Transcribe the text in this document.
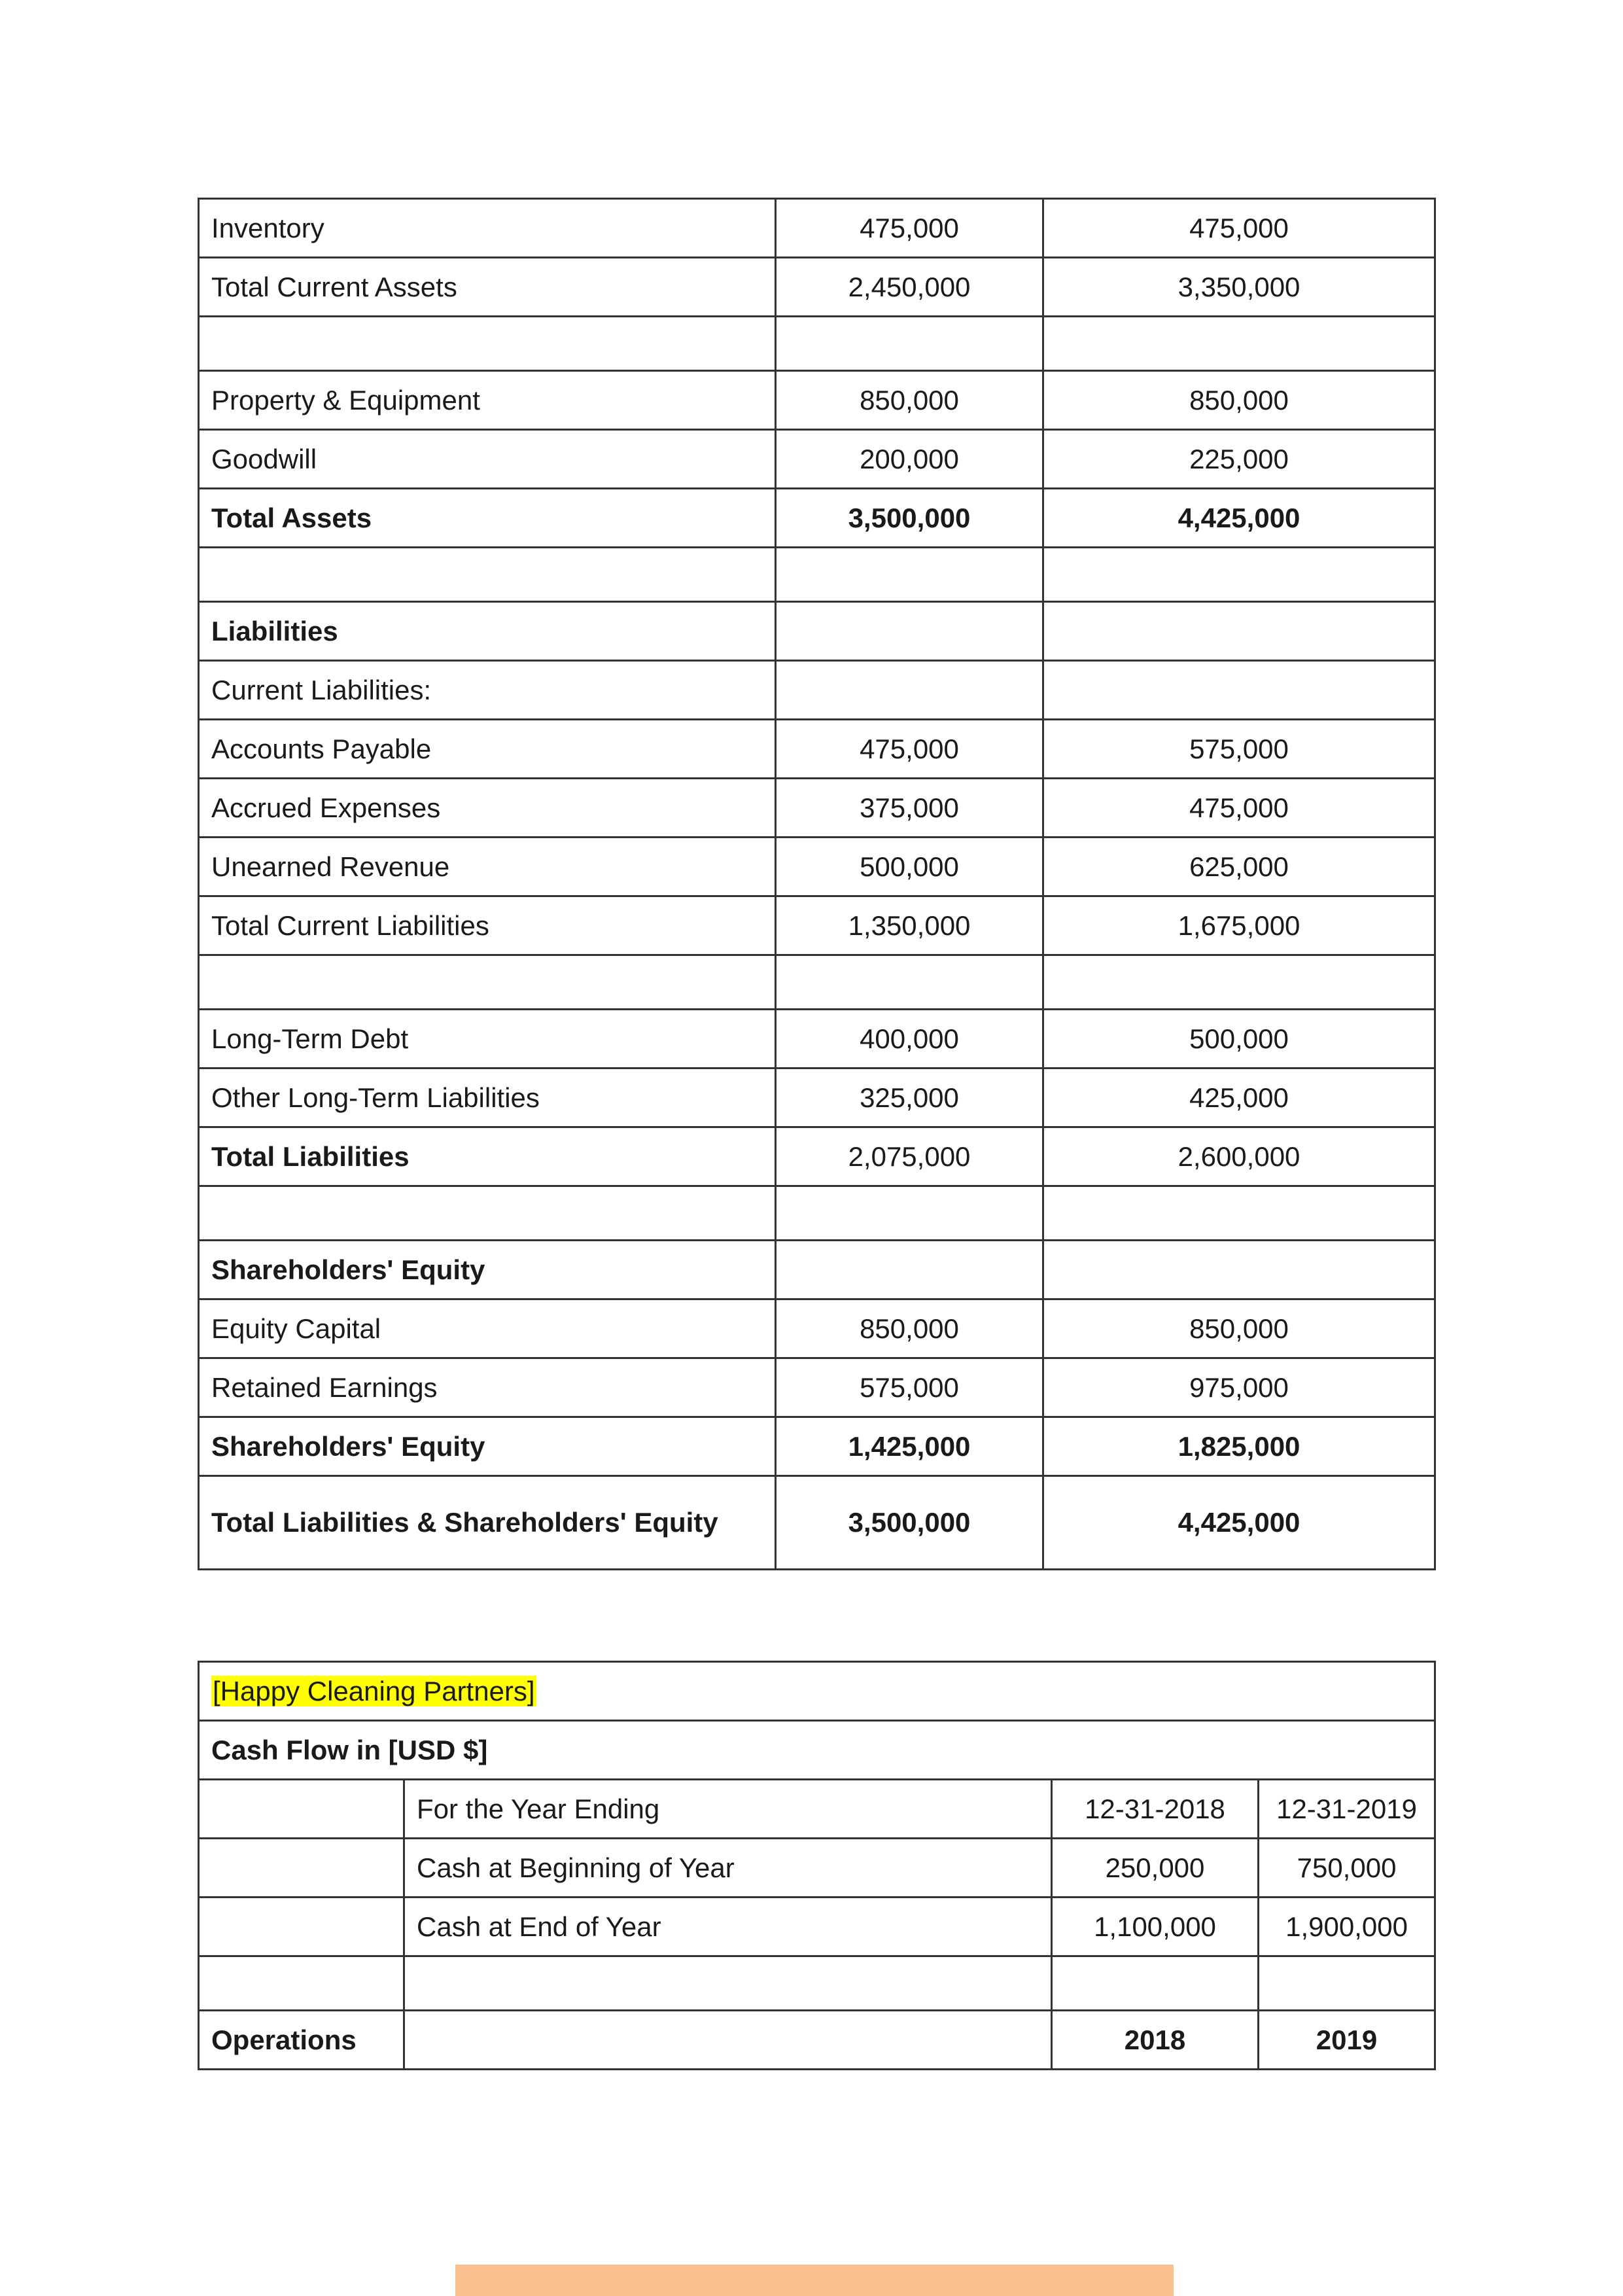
Inventory	475,000	475,000
Total Current Assets	2,450,000	3,350,000

Property & Equipment	850,000	850,000
Goodwill	200,000	225,000
Total Assets	3,500,000	4,425,000

Liabilities		
Current Liabilities:		
Accounts Payable	475,000	575,000
Accrued Expenses	375,000	475,000
Unearned Revenue	500,000	625,000
Total Current Liabilities	1,350,000	1,675,000

Long-Term Debt	400,000	500,000
Other Long-Term Liabilities	325,000	425,000
Total Liabilities	2,075,000	2,600,000

Shareholders' Equity		
Equity Capital	850,000	850,000
Retained Earnings	575,000	975,000
Shareholders' Equity	1,425,000	1,825,000
Total Liabilities & Shareholders' Equity	3,500,000	4,425,000
[Happy Cleaning Partners]			
Cash Flow in [USD $]			
	For the Year Ending	12-31-2018	12-31-2019
	Cash at Beginning of Year	250,000	750,000
	Cash at End of Year	1,100,000	1,900,000

Operations		2018	2019
